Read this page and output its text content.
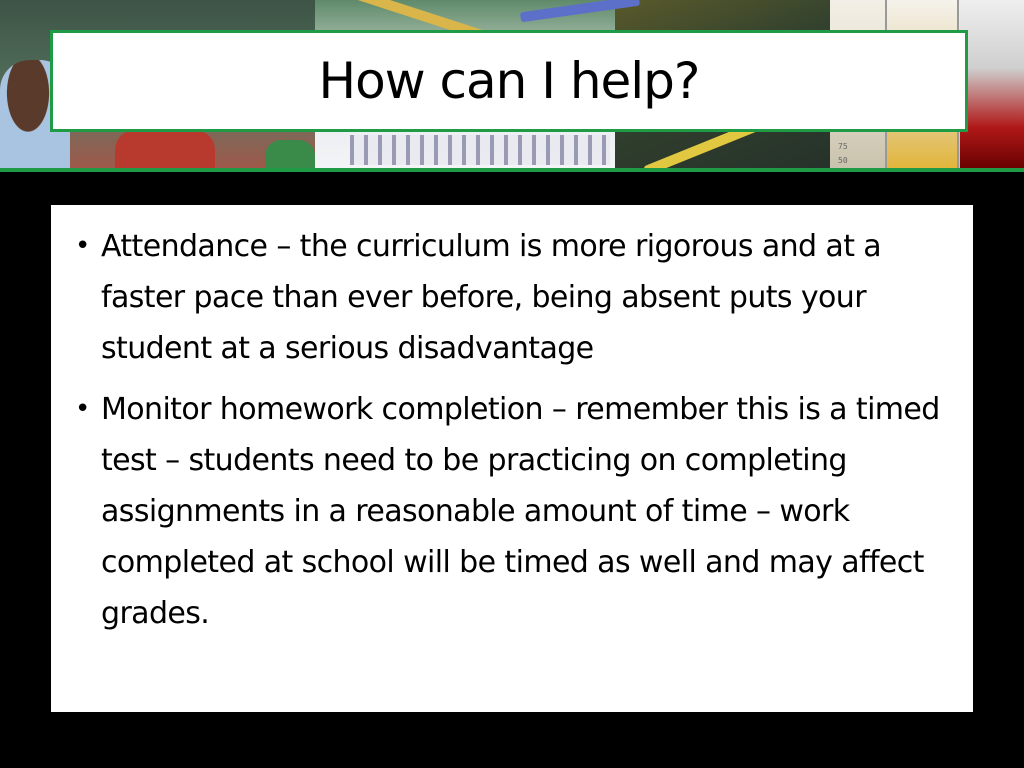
75
50
How can I help?
• Attendance – the curriculum is more rigorous and at a faster pace than ever before, being absent puts your student at a serious disadvantage
• Monitor homework completion – remember this is a timed test – students need to be practicing on completing assignments in a reasonable amount of time – work completed at school will be timed as well and may affect grades.
